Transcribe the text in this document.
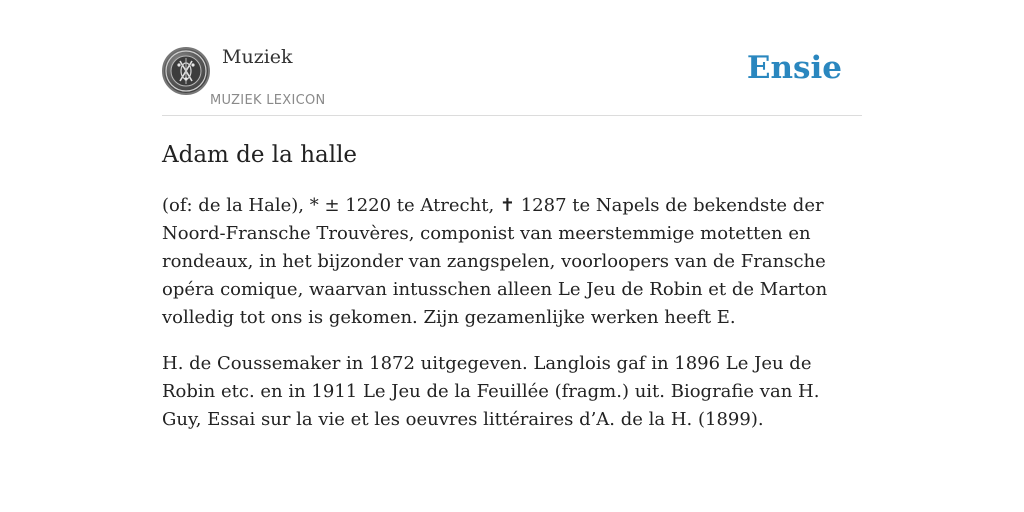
Muziek
MUZIEK LEXICON
Ensie
Adam de la halle

(of: de la Hale), * ± 1220 te Atrecht, ✝ 1287 te Napels de bekendste der Noord-Fransche Trouvères, componist van meerstemmige motetten en rondeaux, in het bijzonder van zangspelen, voorloopers van de Fransche opéra comique, waarvan intusschen alleen Le Jeu de Robin et de Marton volledig tot ons is gekomen. Zijn gezamenlijke werken heeft E.

H. de Coussemaker in 1872 uitgegeven. Langlois gaf in 1896 Le Jeu de Robin etc. en in 1911 Le Jeu de la Feuillée (fragm.) uit. Biografie van H. Guy, Essai sur la vie et les oeuvres littéraires d’A. de la H. (1899).
